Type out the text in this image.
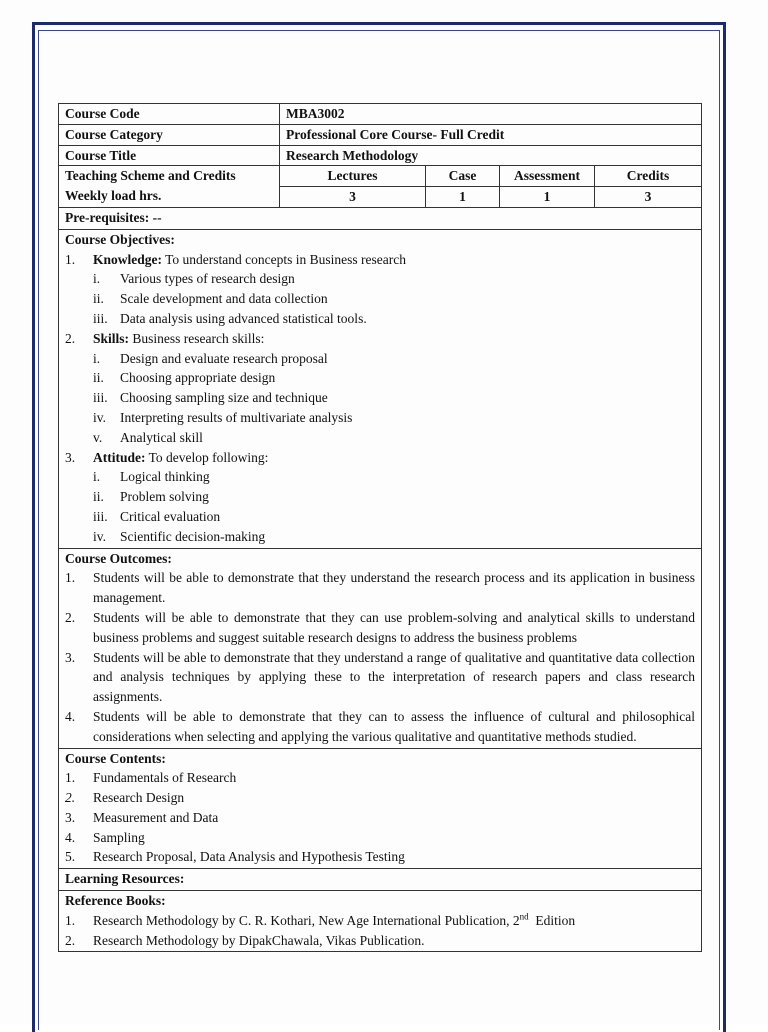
Course Code	MBA3002
Course Category	Professional Core Course- Full Credit
Course Title	Research Methodology
Teaching Scheme and Credits
Weekly load hrs.
Lectures	Case	Assessment	Credits
3	1	1	3
Pre-requisites: --
Course Objectives:
1.	Knowledge: To understand concepts in Business research
i.	Various types of research design
ii.	Scale development and data collection
iii. Data analysis using advanced statistical tools.
2.	Skills: Business research skills:
i.	Design and evaluate research proposal
ii.	Choosing appropriate design
iii. Choosing sampling size and technique
iv.	Interpreting results of multivariate analysis
v.	Analytical skill
3.	Attitude: To develop following:
i.	Logical thinking
ii.	Problem solving
iii. Critical evaluation
iv.	Scientific decision-making
Course Outcomes:
1.	Students will be able to demonstrate that they understand the research process and its application in business management.
2.	Students will be able to demonstrate that they can use problem-solving and analytical skills to understand business problems and suggest suitable research designs to address the business problems
3.	Students will be able to demonstrate that they understand a range of qualitative and quantitative data collection and analysis techniques by applying these to the interpretation of research papers and class research assignments.
4.	Students will be able to demonstrate that they can to assess the influence of cultural and philosophical considerations when selecting and applying the various qualitative and quantitative methods studied.
Course Contents:
1.	Fundamentals of Research
2.	Research Design
3.	Measurement and Data
4.	Sampling
5.	Research Proposal, Data Analysis and Hypothesis Testing
Learning Resources:
Reference Books:
1.	Research Methodology by C. R. Kothari, New Age International Publication, 2nd  Edition
2.	Research Methodology by DipakChawala, Vikas Publication.
